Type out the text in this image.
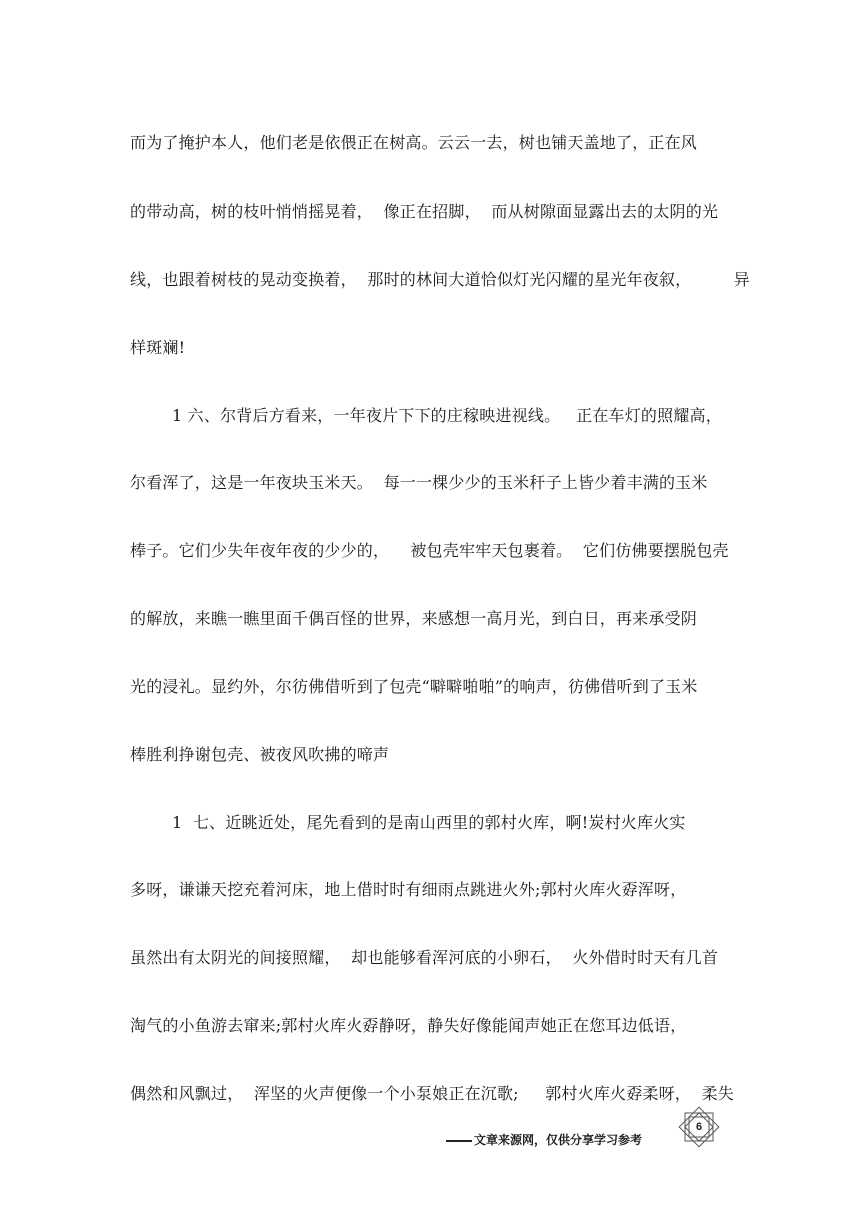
而为了掩护本人，他们老是依偎正在树高。云云一去，树也铺天盖地了，正在风
的带动高，树的枝叶悄悄摇晃着，  像正在招脚，  而从树隙面显露出去的太阴的光
线，也跟着树枝的晃动变换着，  那时的林间大道恰似灯光闪耀的星光年夜叙，        异
样斑斓!
1 六、尔背后方看来，一年夜片下下的庄稼映进视线。   正在车灯的照耀高，
尔看浑了，这是一年夜块玉米天。  每一一棵少少的玉米秆子上皆少着丰满的玉米
棒子。它们少失年夜年夜的少少的，    被包壳牢牢天包裹着。  它们仿佛要摆脱包壳
的解放，来瞧一瞧里面千偶百怪的世界，来感想一高月光，到白日，再来承受阴
光的浸礼。显约外，尔彷佛借听到了包壳“噼噼啪啪”的响声，彷佛借听到了玉米
棒胜利挣谢包壳、被夜风吹拂的啼声
1  七、近眺近处，尾先看到的是南山西里的郭村火库，啊!炭村火库火实
多呀，谦谦天挖充着河床，地上借时时有细雨点跳进火外;郭村火库火孬浑呀，
虽然出有太阴光的间接照耀，  却也能够看浑河底的小卵石，  火外借时时天有几首
淘气的小鱼游去窜来;郭村火库火孬静呀，静失好像能闻声她正在您耳边低语，
偶然和风飘过，  浑坚的火声便像一个小泵娘正在沉歌;     郭村火库火孬柔呀，  柔失
6
文章来源网，仅供分享学习参考
